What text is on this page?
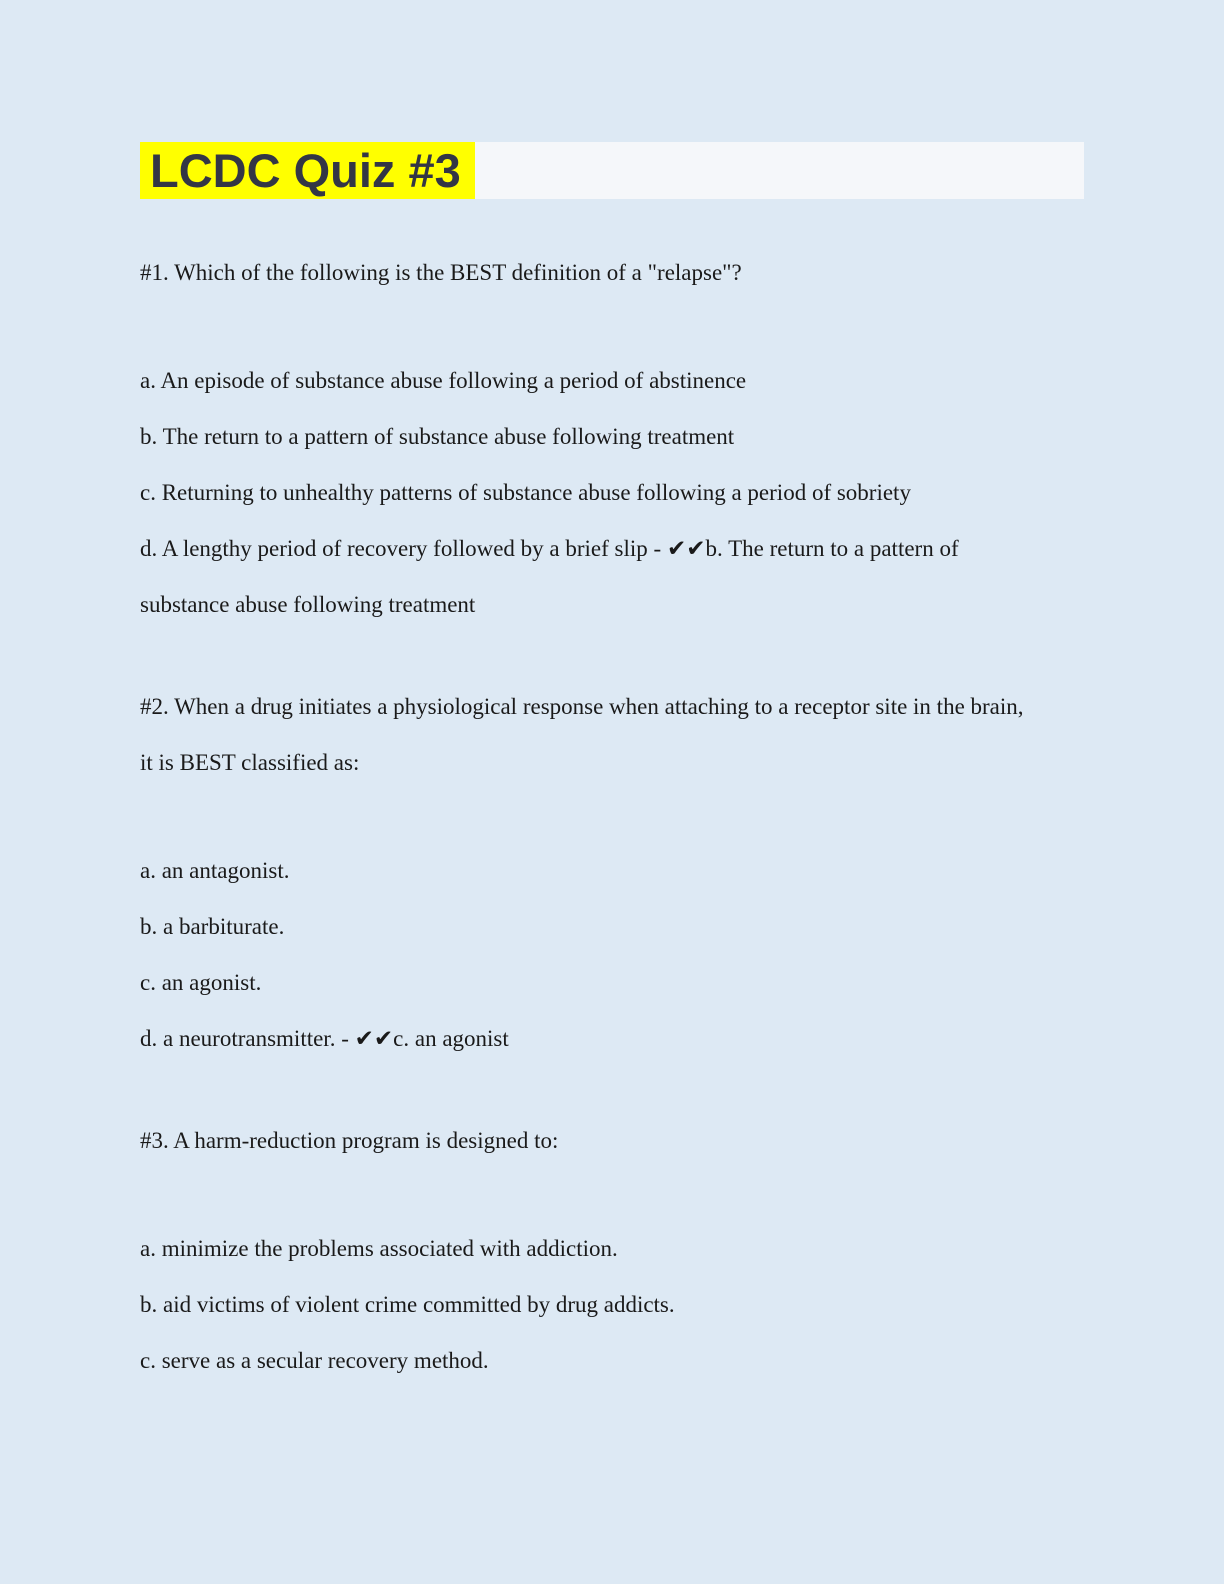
LCDC Quiz #3

#1. Which of the following is the BEST definition of a "relapse"?

a. An episode of substance abuse following a period of abstinence

b. The return to a pattern of substance abuse following treatment

c. Returning to unhealthy patterns of substance abuse following a period of sobriety

d. A lengthy period of recovery followed by a brief slip - ✔✔b. The return to a pattern of
substance abuse following treatment

#2. When a drug initiates a physiological response when attaching to a receptor site in the brain,
it is BEST classified as:

a. an antagonist.

b. a barbiturate.

c. an agonist.

d. a neurotransmitter. - ✔✔c. an agonist

#3. A harm-reduction program is designed to:

a. minimize the problems associated with addiction.

b. aid victims of violent crime committed by drug addicts.

c. serve as a secular recovery method.
